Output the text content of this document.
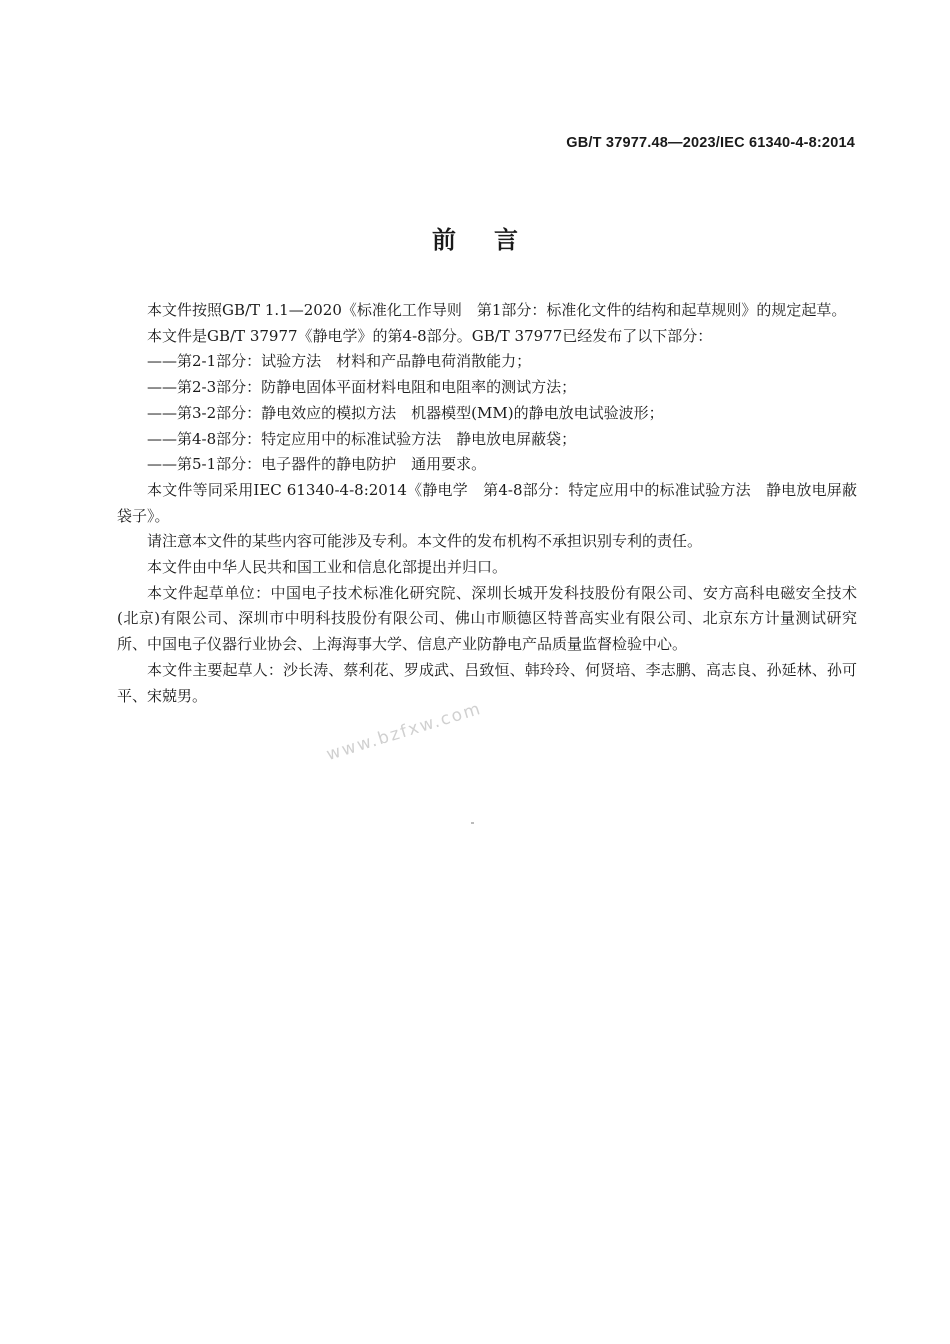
GB/T 37977.48—2023/IEC 61340-4-8:2014
前言

本文件按照GB/T 1.1—2020《标准化工作导则　第1部分：标准化文件的结构和起草规则》的规定起草。

本文件是GB/T 37977《静电学》的第4-8部分。GB/T 37977已经发布了以下部分：

——第2-1部分：试验方法　材料和产品静电荷消散能力；

——第2-3部分：防静电固体平面材料电阻和电阻率的测试方法；

——第3-2部分：静电效应的模拟方法　机器模型(MM)的静电放电试验波形；

——第4-8部分：特定应用中的标准试验方法　静电放电屏蔽袋；

——第5-1部分：电子器件的静电防护　通用要求。

本文件等同采用IEC 61340-4-8:2014《静电学　第4-8部分：特定应用中的标准试验方法　静电放电屏蔽　袋子》。

请注意本文件的某些内容可能涉及专利。本文件的发布机构不承担识别专利的责任。

本文件由中华人民共和国工业和信息化部提出并归口。

本文件起草单位：中国电子技术标准化研究院、深圳长城开发科技股份有限公司、安方高科电磁安全技术(北京)有限公司、深圳市中明科技股份有限公司、佛山市顺德区特普高实业有限公司、北京东方计量测试研究所、中国电子仪器行业协会、上海海事大学、信息产业防静电产品质量监督检验中心。

本文件主要起草人：沙长涛、蔡利花、罗成武、吕致恒、韩玲玲、何贤培、李志鹏、高志良、孙延林、孙可平、宋兢男。

www.bzfxw.com
